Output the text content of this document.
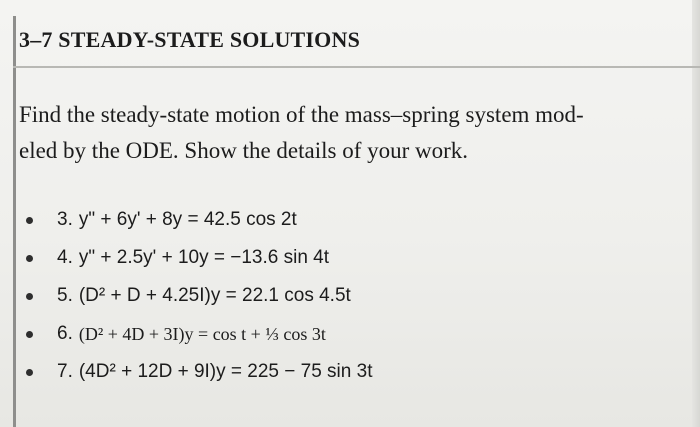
3–7 STEADY-STATE SOLUTIONS
Find the steady-state motion of the mass–spring system mod-
eled by the ODE. Show the details of your work.
3. y" + 6y' + 8y = 42.5 cos 2t
4. y" + 2.5y' + 10y = −13.6 sin 4t
5. (D² + D + 4.25I)y = 22.1 cos 4.5t
6. (D² + 4D + 3I)y = cos t + ⅓ cos 3t
7. (4D² + 12D + 9I)y = 225 − 75 sin 3t
